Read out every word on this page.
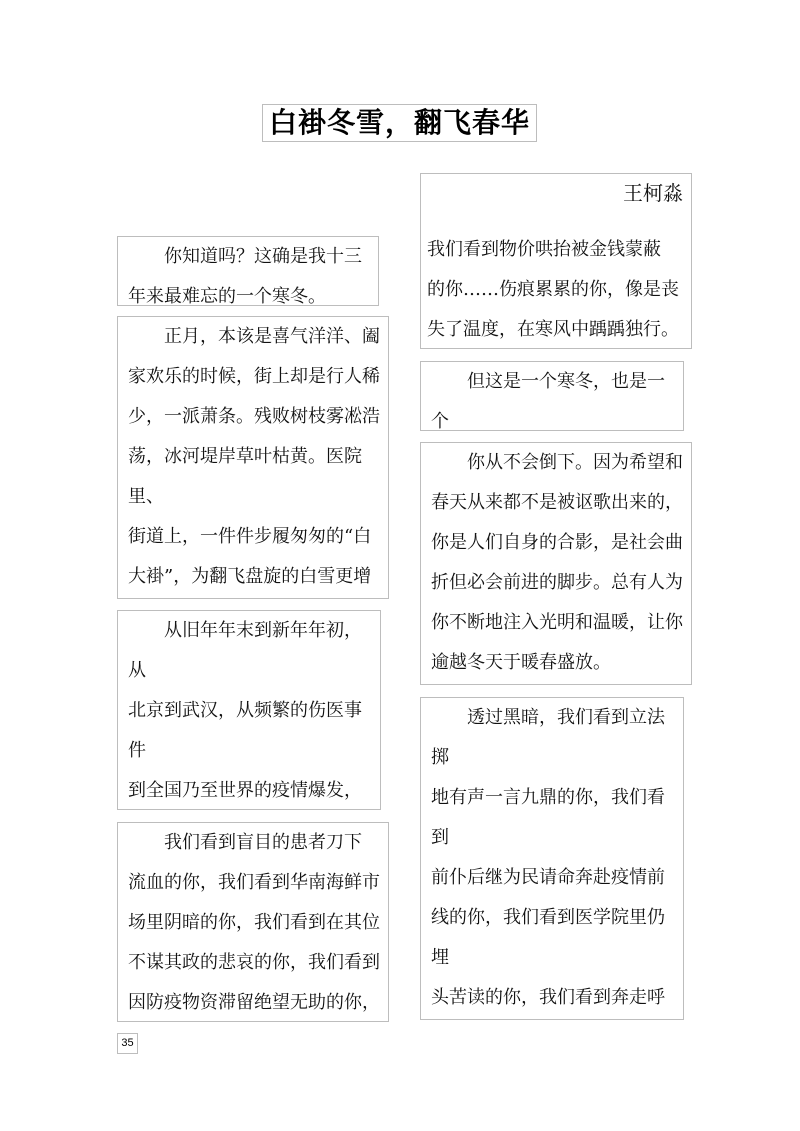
白褂冬雪，翻飞春华
你知道吗？这确是我十三
年来最难忘的一个寒冬。
正月，本该是喜气洋洋、阖
家欢乐的时候，街上却是行人稀
少，一派萧条。残败树枝雾凇浩
荡，冰河堤岸草叶枯黄。医院里、
街道上，一件件步履匆匆的“白
大褂”，为翻飞盘旋的白雪更增

从旧年年末到新年年初，从
北京到武汉，从频繁的伤医事件
到全国乃至世界的疫情爆发，

我们看到盲目的患者刀下
流血的你，我们看到华南海鲜市
场里阴暗的你，我们看到在其位
不谋其政的悲哀的你，我们看到
因防疫物资滞留绝望无助的你，
王柯淼
我们看到物价哄抬被金钱蒙蔽
的你……伤痕累累的你，像是丧
失了温度，在寒风中踽踽独行。
但这是一个寒冬，也是一个

你从不会倒下。因为希望和
春天从来都不是被讴歌出来的，
你是人们自身的合影，是社会曲
折但必会前进的脚步。总有人为
你不断地注入光明和温暖，让你
逾越冬天于暖春盛放。
透过黑暗，我们看到立法掷
地有声一言九鼎的你，我们看到
前仆后继为民请命奔赴疫情前
线的你，我们看到医学院里仍埋
头苦读的你，我们看到奔走呼

35
